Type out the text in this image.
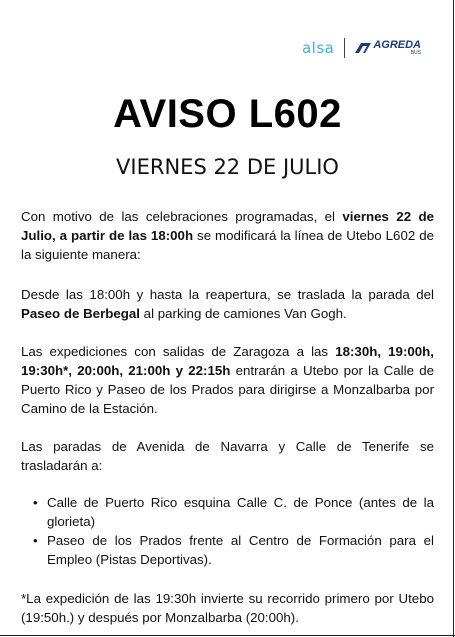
alsa	AGREDA
BUS
AVISO L602
VIERNES 22 DE JULIO
Con motivo de las celebraciones programadas, el viernes 22 de Julio, a partir de las 18:00h se modificará la línea de Utebo L602 de la siguiente manera:
Desde las 18:00h y hasta la reapertura, se traslada la parada del Paseo de Berbegal al parking de camiones Van Gogh.
Las expediciones con salidas de Zaragoza a las 18:30h, 19:00h, 19:30h*, 20:00h, 21:00h y 22:15h entrarán a Utebo por la Calle de Puerto Rico y Paseo de los Prados para dirigirse a Monzalbarba por Camino de la Estación.
Las paradas de Avenida de Navarra y Calle de Tenerife se trasladarán a:
• Calle de Puerto Rico esquina Calle C. de Ponce (antes de la glorieta)
• Paseo de los Prados frente al Centro de Formación para el Empleo (Pistas Deportivas).
*La expedición de las 19:30h invierte su recorrido primero por Utebo (19:50h.) y después por Monzalbarba (20:00h).
